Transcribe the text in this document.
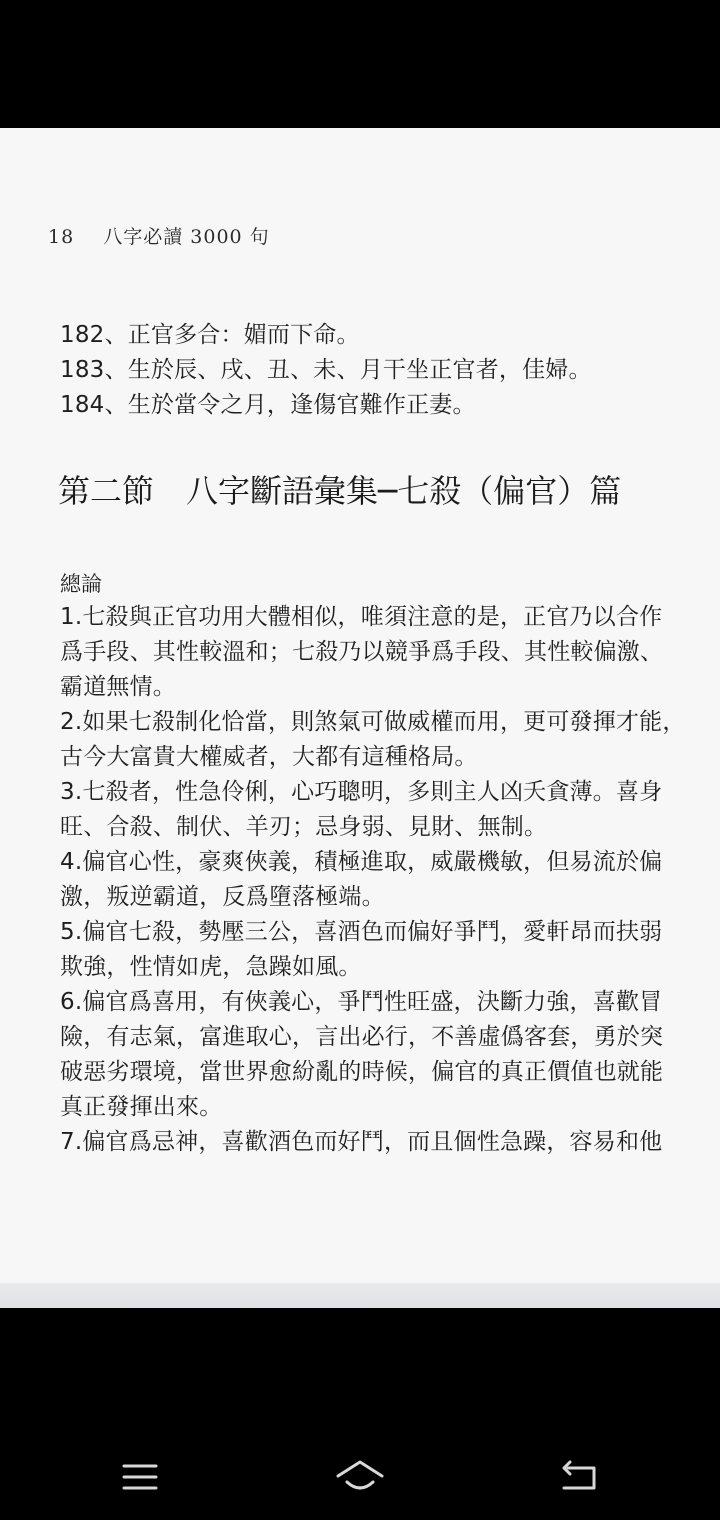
18 八字必讀 3000 句
182、正官多合：媚而下命。
183、生於辰、戌、丑、未、月干坐正官者，佳婦。
184、生於當令之月，逢傷官難作正妻。
第二節　八字斷語彙集─七殺（偏官）篇
總論
1.七殺與正官功用大體相似，唯須注意的是，正官乃以合作
爲手段、其性較溫和；七殺乃以競爭爲手段、其性較偏激、
霸道無情。
2.如果七殺制化恰當，則煞氣可做威權而用，更可發揮才能，
古今大富貴大權威者，大都有這種格局。
3.七殺者，性急伶俐，心巧聰明，多則主人凶夭貪薄。喜身
旺、合殺、制伏、羊刃；忌身弱、見財、無制。
4.偏官心性，豪爽俠義，積極進取，威嚴機敏，但易流於偏
激，叛逆霸道，反爲墮落極端。
5.偏官七殺，勢壓三公，喜酒色而偏好爭鬥，愛軒昂而扶弱
欺強，性情如虎，急躁如風。
6.偏官爲喜用，有俠義心，爭鬥性旺盛，決斷力強，喜歡冒
險，有志氣，富進取心，言出必行，不善虛僞客套，勇於突
破惡劣環境，當世界愈紛亂的時候，偏官的真正價值也就能
真正發揮出來。
7.偏官爲忌神，喜歡酒色而好鬥，而且個性急躁，容易和他
